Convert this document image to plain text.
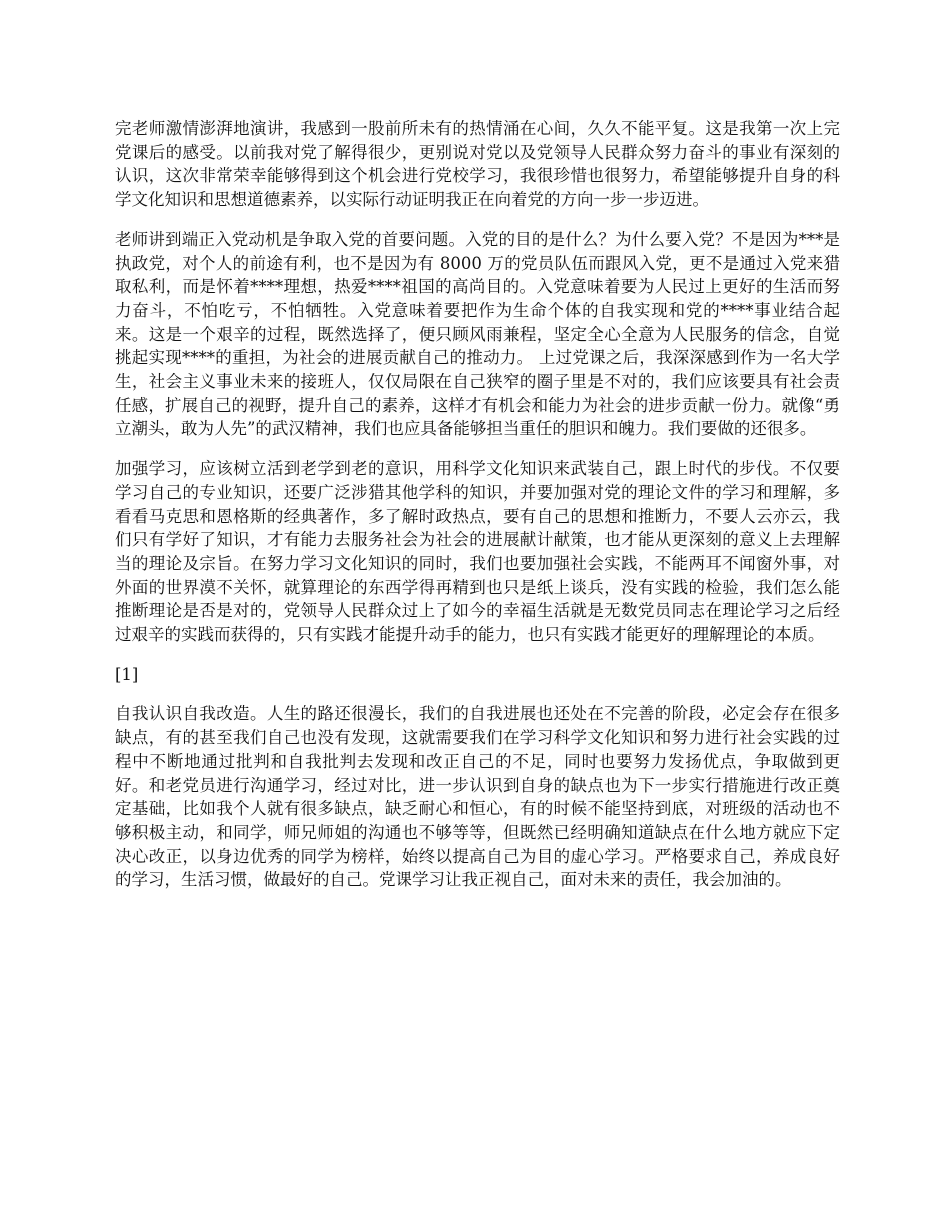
完老师激情澎湃地演讲，我感到一股前所未有的热情涌在心间，久久不能平复。这是我第一次上完党课后的感受。以前我对党了解得很少，更别说对党以及党领导人民群众努力奋斗的事业有深刻的认识，这次非常荣幸能够得到这个机会进行党校学习，我很珍惜也很努力，希望能够提升自身的科学文化知识和思想道德素养，以实际行动证明我正在向着党的方向一步一步迈进。

老师讲到端正入党动机是争取入党的首要问题。入党的目的是什么？为什么要入党？不是因为***是执政党，对个人的前途有利，也不是因为有 8000 万的党员队伍而跟风入党，更不是通过入党来猎取私利，而是怀着****理想，热爱****祖国的高尚目的。入党意味着要为人民过上更好的生活而努力奋斗，不怕吃亏，不怕牺牲。入党意味着要把作为生命个体的自我实现和党的****事业结合起来。这是一个艰辛的过程，既然选择了，便只顾风雨兼程，坚定全心全意为人民服务的信念，自觉挑起实现****的重担，为社会的进展贡献自己的推动力。 上过党课之后，我深深感到作为一名大学生，社会主义事业未来的接班人，仅仅局限在自己狭窄的圈子里是不对的，我们应该要具有社会责任感，扩展自己的视野，提升自己的素养，这样才有机会和能力为社会的进步贡献一份力。就像“勇立潮头，敢为人先”的武汉精神，我们也应具备能够担当重任的胆识和魄力。我们要做的还很多。

加强学习，应该树立活到老学到老的意识，用科学文化知识来武装自己，跟上时代的步伐。不仅要学习自己的专业知识，还要广泛涉猎其他学科的知识，并要加强对党的理论文件的学习和理解，多看看马克思和恩格斯的经典著作，多了解时政热点，要有自己的思想和推断力，不要人云亦云，我们只有学好了知识，才有能力去服务社会为社会的进展献计献策，也才能从更深刻的意义上去理解当的理论及宗旨。在努力学习文化知识的同时，我们也要加强社会实践，不能两耳不闻窗外事，对外面的世界漠不关怀，就算理论的东西学得再精到也只是纸上谈兵，没有实践的检验，我们怎么能推断理论是否是对的，党领导人民群众过上了如今的幸福生活就是无数党员同志在理论学习之后经过艰辛的实践而获得的，只有实践才能提升动手的能力，也只有实践才能更好的理解理论的本质。

[1]

自我认识自我改造。人生的路还很漫长，我们的自我进展也还处在不完善的阶段，必定会存在很多缺点，有的甚至我们自己也没有发现，这就需要我们在学习科学文化知识和努力进行社会实践的过程中不断地通过批判和自我批判去发现和改正自己的不足，同时也要努力发扬优点，争取做到更好。和老党员进行沟通学习，经过对比，进一步认识到自身的缺点也为下一步实行措施进行改正奠定基础，比如我个人就有很多缺点，缺乏耐心和恒心，有的时候不能坚持到底，对班级的活动也不够积极主动，和同学，师兄师姐的沟通也不够等等，但既然已经明确知道缺点在什么地方就应下定决心改正，以身边优秀的同学为榜样，始终以提高自己为目的虚心学习。严格要求自己，养成良好的学习，生活习惯，做最好的自己。党课学习让我正视自己，面对未来的责任，我会加油的。
